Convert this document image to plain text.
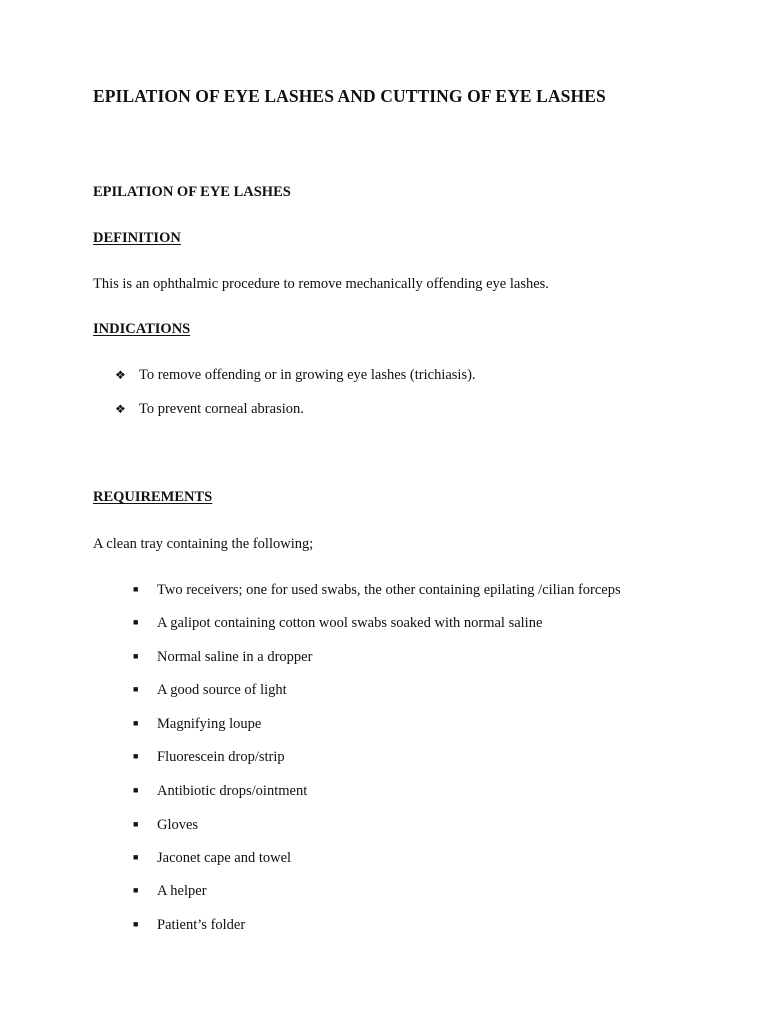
EPILATION OF EYE LASHES AND CUTTING OF EYE LASHES
EPILATION OF EYE LASHES
DEFINITION
This is an ophthalmic procedure to remove mechanically offending eye lashes.
INDICATIONS
❖ To remove offending or in growing eye lashes (trichiasis).
❖ To prevent corneal abrasion.
REQUIREMENTS
A clean tray containing the following;
■ Two receivers; one for used swabs, the other containing epilating /cilian forceps
■ A galipot containing cotton wool swabs soaked with normal saline
■ Normal saline in a dropper
■ A good source of light
■ Magnifying loupe
■ Fluorescein drop/strip
■ Antibiotic drops/ointment
■ Gloves
■ Jaconet cape and towel
■ A helper
■ Patient’s folder
